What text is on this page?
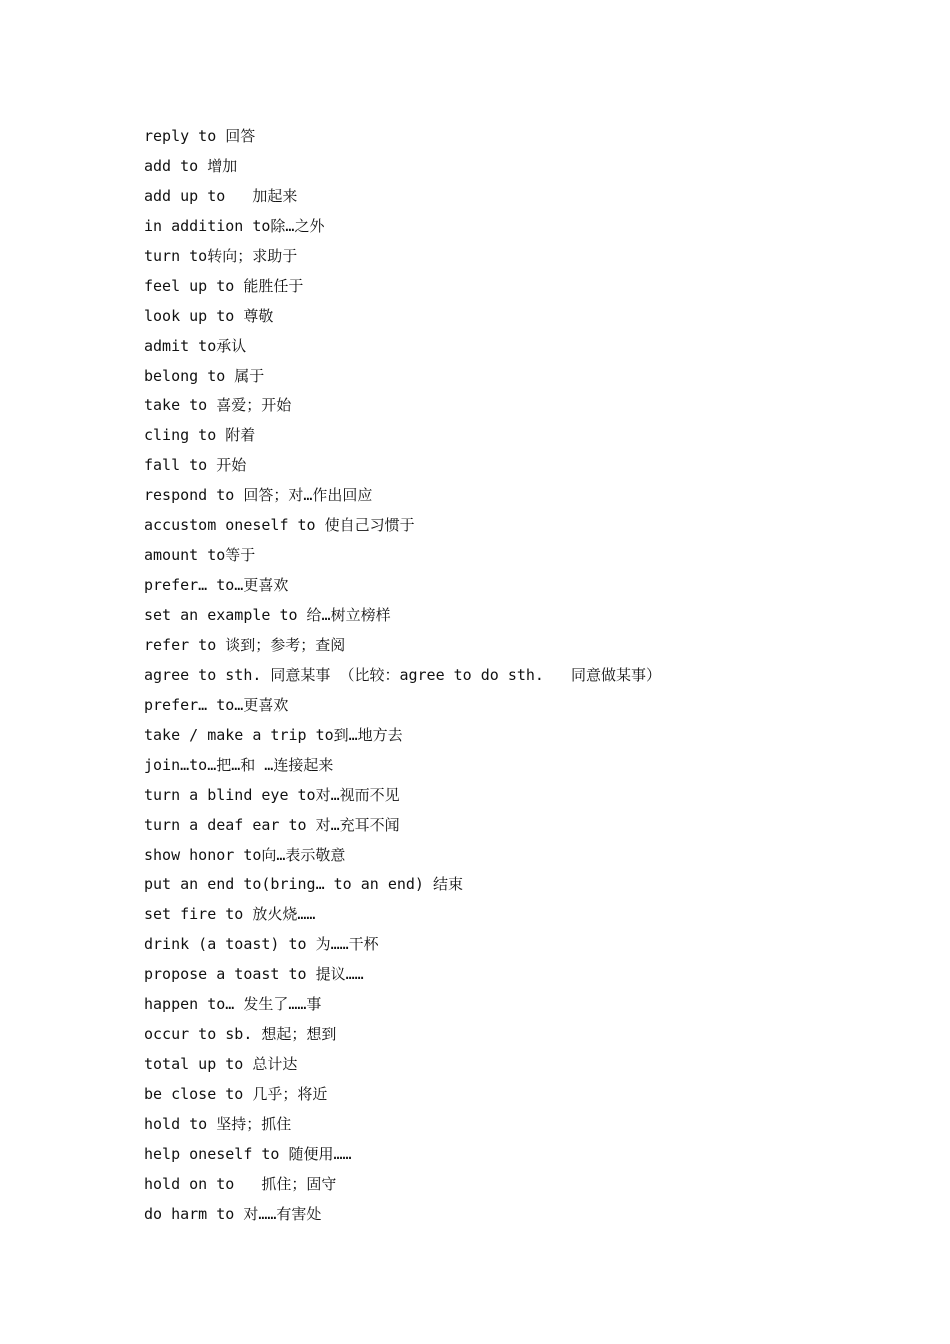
reply to 回答
add to 增加
add up to   加起来
in addition to除…之外
turn to转向；求助于
feel up to 能胜任于
look up to 尊敬
admit to承认
belong to 属于
take to 喜爱；开始
cling to 附着
fall to 开始
respond to 回答；对…作出回应
accustom oneself to 使自己习惯于
amount to等于
prefer… to…更喜欢
set an example to 给…树立榜样
refer to 谈到；参考；查阅
agree to sth. 同意某事 （比较：agree to do sth.   同意做某事）
prefer… to…更喜欢
take / make a trip to到…地方去
join…to…把…和 …连接起来
turn a blind eye to对…视而不见
turn a deaf ear to 对…充耳不闻
show honor to向…表示敬意
put an end to(bring… to an end) 结束
set fire to 放火烧……
drink (a toast) to 为……干杯
propose a toast to 提议……
happen to… 发生了……事
occur to sb. 想起；想到
total up to 总计达
be close to 几乎；将近
hold to 坚持；抓住
help oneself to 随便用……
hold on to   抓住；固守
do harm to 对……有害处
